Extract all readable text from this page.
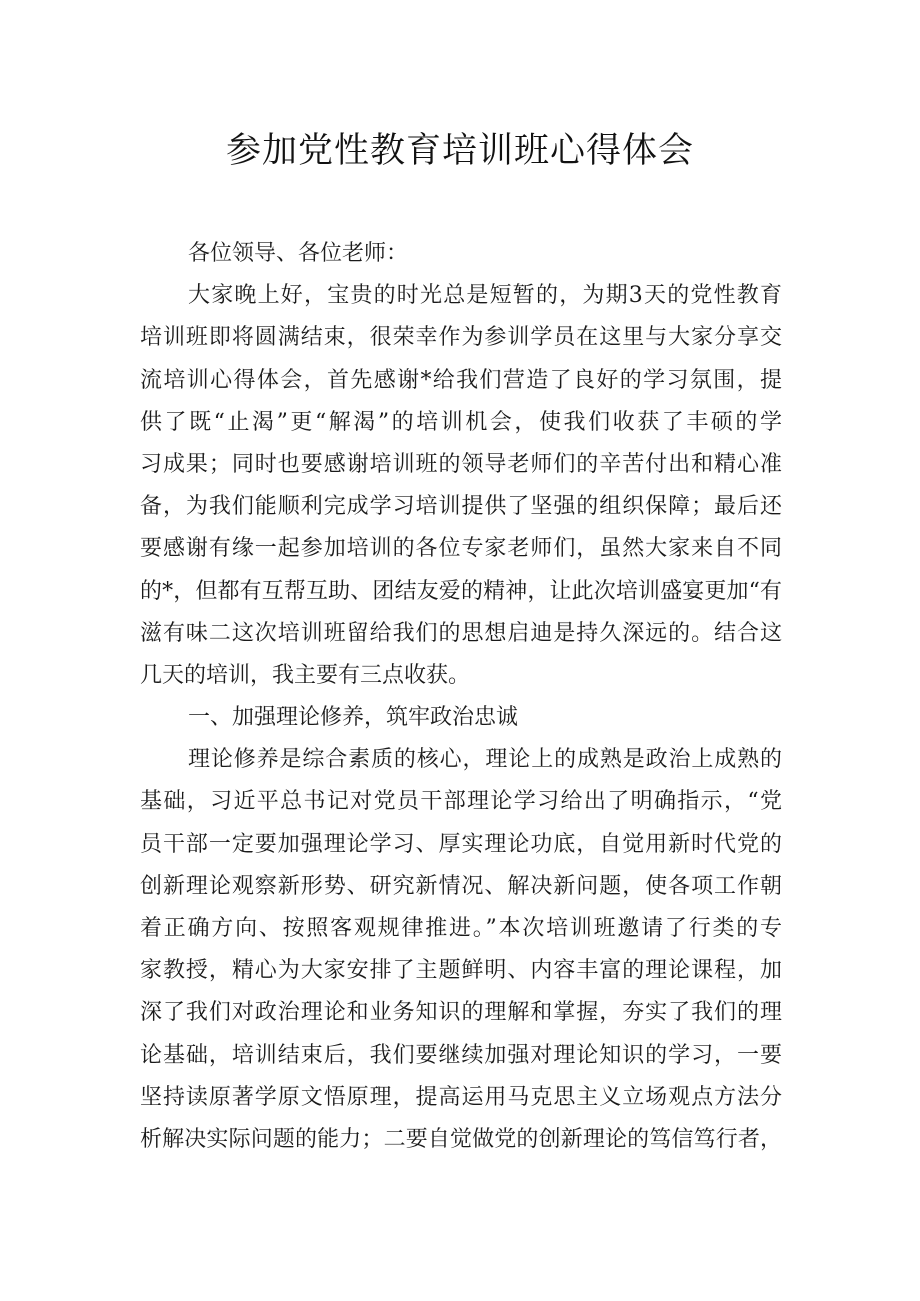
参加党性教育培训班心得体会
各位领导、各位老师：
大家晚上好，宝贵的时光总是短暂的，为期3天的党性教育
培训班即将圆满结束，很荣幸作为参训学员在这里与大家分享交
流培训心得体会，首先感谢*给我们营造了良好的学习氛围，提
供了既“止渴”更“解渴”的培训机会，使我们收获了丰硕的学
习成果；同时也要感谢培训班的领导老师们的辛苦付出和精心准
备，为我们能顺利完成学习培训提供了坚强的组织保障；最后还
要感谢有缘一起参加培训的各位专家老师们，虽然大家来自不同
的*，但都有互帮互助、团结友爱的精神，让此次培训盛宴更加“有
滋有味二这次培训班留给我们的思想启迪是持久深远的。结合这
几天的培训，我主要有三点收获。
一、加强理论修养，筑牢政治忠诚
理论修养是综合素质的核心，理论上的成熟是政治上成熟的
基础，习近平总书记对党员干部理论学习给出了明确指示，“党
员干部一定要加强理论学习、厚实理论功底，自觉用新时代党的
创新理论观察新形势、研究新情况、解决新问题，使各项工作朝
着正确方向、按照客观规律推进。”本次培训班邀请了行类的专
家教授，精心为大家安排了主题鲜明、内容丰富的理论课程，加
深了我们对政治理论和业务知识的理解和掌握，夯实了我们的理
论基础，培训结束后，我们要继续加强对理论知识的学习，一要
坚持读原著学原文悟原理，提高运用马克思主义立场观点方法分
析解决实际问题的能力；二要自觉做党的创新理论的笃信笃行者，
